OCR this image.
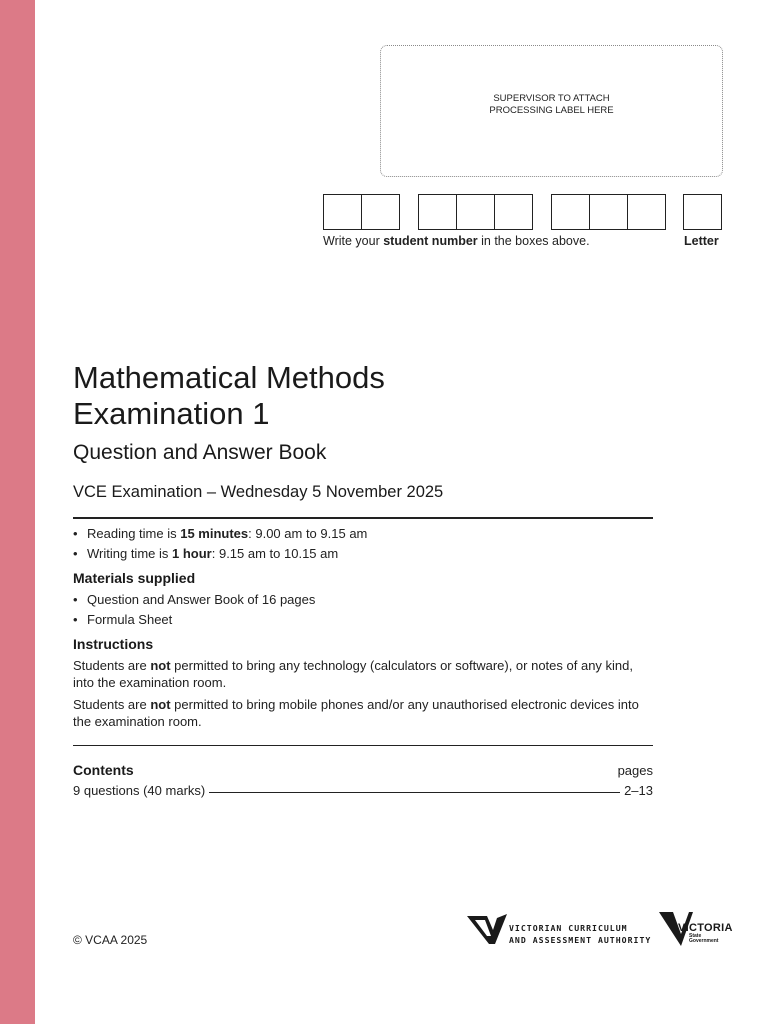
SUPERVISOR TO ATTACH
PROCESSING LABEL HERE
Write your student number in the boxes above.	Letter
Mathematical Methods
Examination 1
Question and Answer Book
VCE Examination – Wednesday 5 November 2025
• Reading time is 15 minutes: 9.00 am to 9.15 am
• Writing time is 1 hour: 9.15 am to 10.15 am
Materials supplied
• Question and Answer Book of 16 pages
• Formula Sheet
Instructions
Students are not permitted to bring any technology (calculators or software), or notes of any kind, into the examination room.
Students are not permitted to bring mobile phones and/or any unauthorised electronic devices into the examination room.
Contents	pages
9 questions (40 marks)	2–13
© VCAA 2025
VICTORIAN CURRICULUM
AND ASSESSMENT AUTHORITY
VICTORIA
State
Government
